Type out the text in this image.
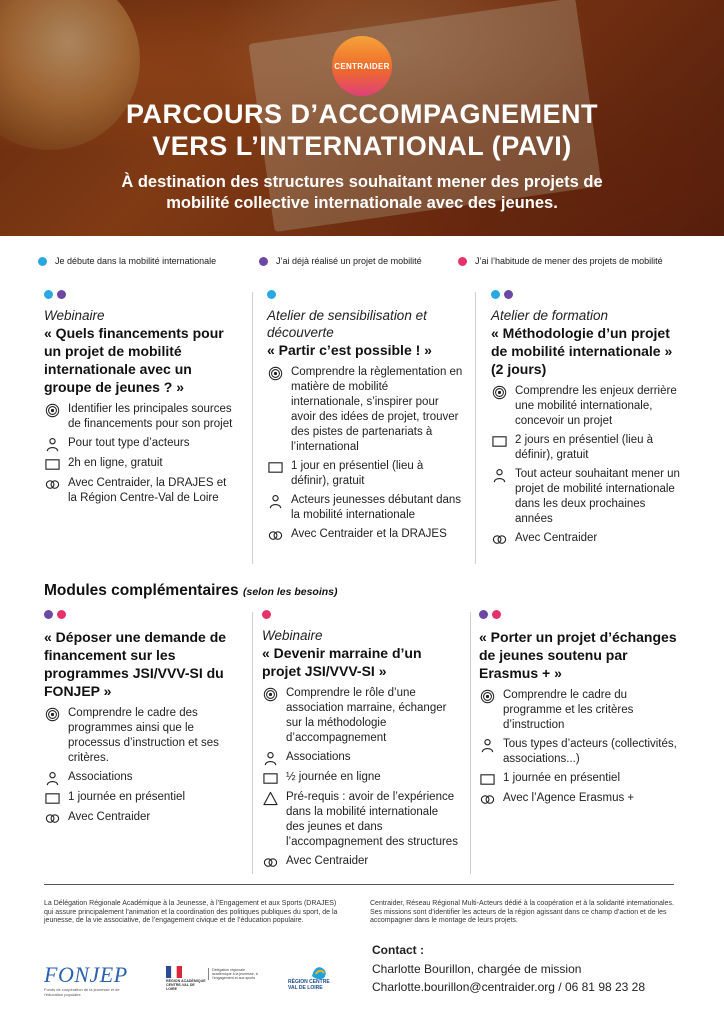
CENTRAIDER
PARCOURS D’ACCOMPAGNEMENT
VERS L’INTERNATIONAL (PAVI)
À destination des structures souhaitant mener des projets de
mobilité collective internationale avec des jeunes.
Je débute dans la mobilité internationale	J’ai déjà réalisé un projet de mobilité	J’ai l’habitude de mener des projets de mobilité
Webinaire
« Quels financements pour un projet de mobilité internationale avec un groupe de jeunes ? »
Identifier les principales sources de financements pour son projet
Pour tout type d’acteurs
2h en ligne, gratuit
Avec Centraider, la DRAJES et la Région Centre-Val de Loire
Atelier de sensibilisation et découverte
« Partir c’est possible ! »
Comprendre la règlementation en matière de mobilité internationale, s’inspirer pour avoir des idées de projet, trouver des pistes de partenariats à l’international
1 jour en présentiel (lieu à définir), gratuit
Acteurs jeunesses débutant dans la mobilité internationale
Avec Centraider et la DRAJES
Atelier de formation
« Méthodologie d’un projet de mobilité internationale » (2 jours)
Comprendre les enjeux derrière une mobilité internationale, concevoir un projet
2 jours en présentiel (lieu à définir), gratuit
Tout acteur souhaitant mener un projet de mobilité internationale dans les deux prochaines années
Avec Centraider
Modules complémentaires (selon les besoins)
« Déposer une demande de financement sur les programmes JSI/VVV-SI du FONJEP »
Comprendre le cadre des programmes ainsi que le processus d’instruction et ses critères.
Associations
1 journée en présentiel
Avec Centraider
Webinaire
« Devenir marraine d’un projet JSI/VVV-SI »
Comprendre le rôle d’une association marraine, échanger sur la méthodologie d’accompagnement
Associations
½ journée en ligne
Pré-requis : avoir de l’expérience dans la mobilité internationale des jeunes et dans l’accompagnement des structures
Avec Centraider
« Porter un projet d’échanges de jeunes soutenu par Erasmus + »
Comprendre le cadre du programme et les critères d’instruction
Tous types d’acteurs (collectivités, associations...)
1 journée en présentiel
Avec l’Agence Erasmus +
La Délégation Régionale Académique à la Jeunesse, à l’Engagement et aux Sports (DRAJES) qui assure principalement l’animation et la coordination des politiques publiques du sport, de la jeunesse, de la vie associative, de l’engagement civique et de l’éducation populaire.
Centraider, Réseau Régional Multi-Acteurs dédié à la coopération et à la solidarité internationales. Ses missions sont d’identifier les acteurs de la région agissant dans ce champ d’action et de les accompagner dans le montage de leurs projets.
Contact :
Charlotte Bourillon, chargée de mission
Charlotte.bourillon@centraider.org / 06 81 98 23 28
FONJEP
Fonds de coopération de la jeunesse et de l’éducation populaire
RÉGION ACADÉMIQUE CENTRE-VAL DE LOIRE
Délégation régionale académique à la jeunesse, à l’engagement et aux sports
RÉGION CENTRE VAL DE LOIRE
